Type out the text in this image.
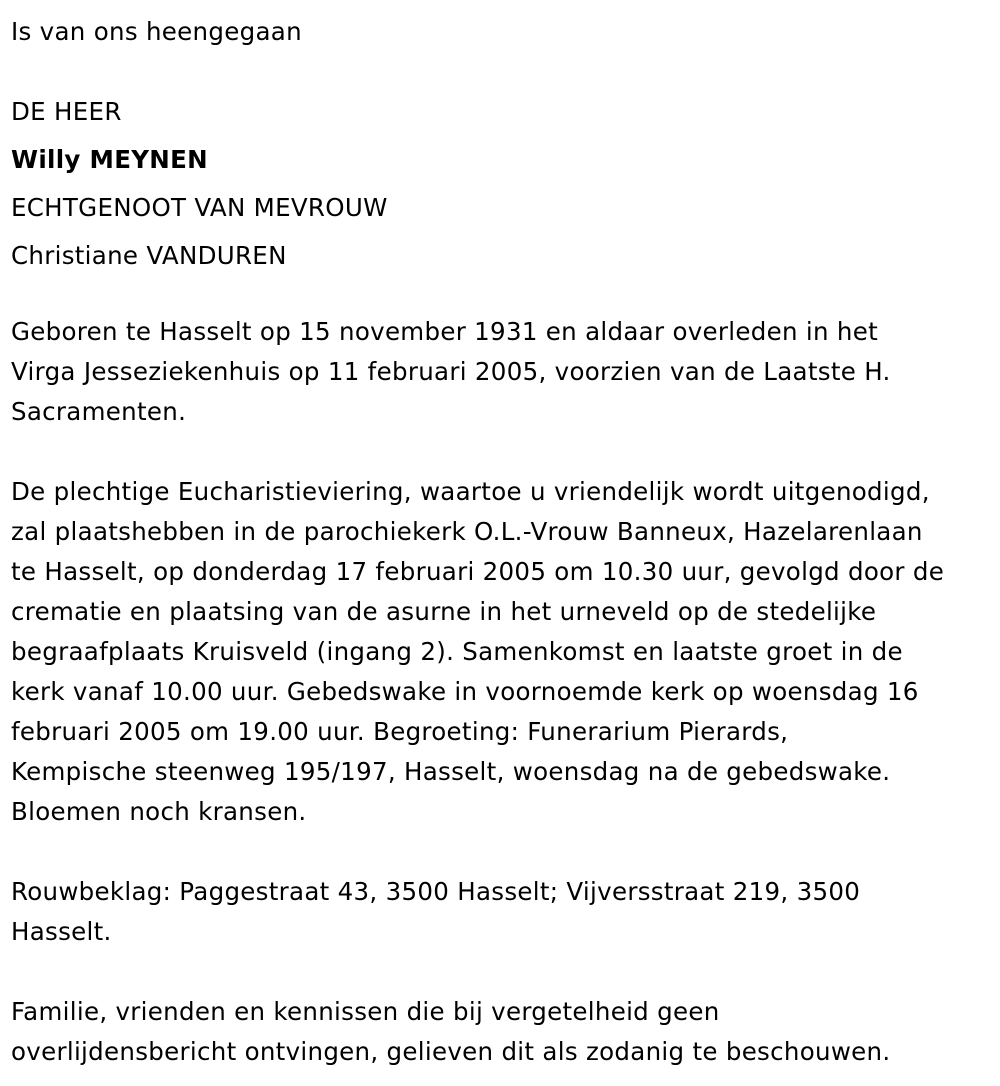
Is van ons heengegaan
DE HEER
Willy MEYNEN
ECHTGENOOT VAN MEVROUW
Christiane VANDUREN
Geboren te Hasselt op 15 november 1931 en aldaar overleden in het
Virga Jesseziekenhuis op 11 februari 2005, voorzien van de Laatste H.
Sacramenten.
De plechtige Eucharistieviering, waartoe u vriendelijk wordt uitgenodigd,
zal plaatshebben in de parochiekerk O.L.-Vrouw Banneux, Hazelarenlaan
te Hasselt, op donderdag 17 februari 2005 om 10.30 uur, gevolgd door de
crematie en plaatsing van de asurne in het urneveld op de stedelijke
begraafplaats Kruisveld (ingang 2). Samenkomst en laatste groet in de
kerk vanaf 10.00 uur. Gebedswake in voornoemde kerk op woensdag 16
februari 2005 om 19.00 uur. Begroeting: Funerarium Pierards,
Kempische steenweg 195/197, Hasselt, woensdag na de gebedswake.
Bloemen noch kransen.
Rouwbeklag: Paggestraat 43, 3500 Hasselt; Vijversstraat 219, 3500
Hasselt.
Familie, vrienden en kennissen die bij vergetelheid geen
overlijdensbericht ontvingen, gelieven dit als zodanig te beschouwen.
